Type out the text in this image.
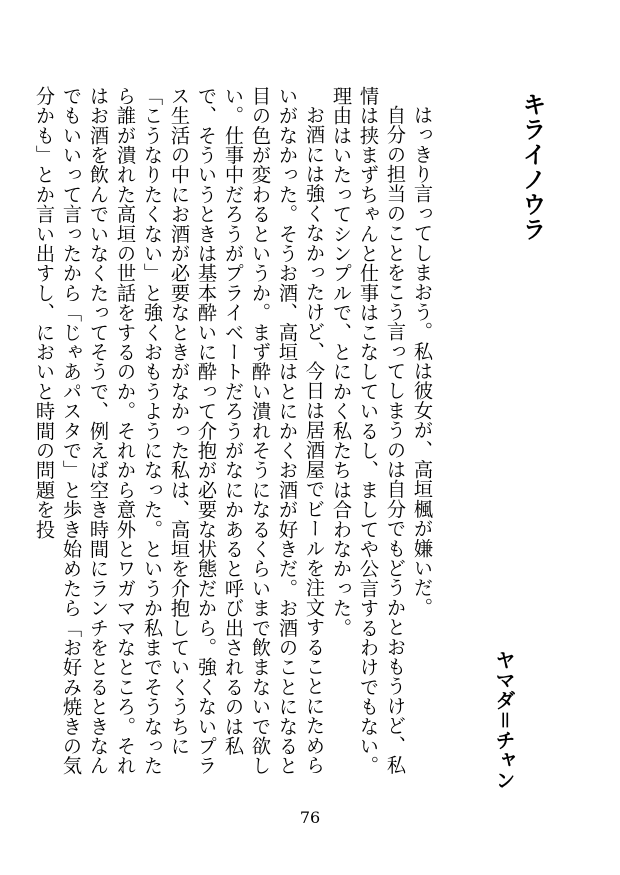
キライノウラ
ヤマダ＝チャン

はっきり言ってしまおう。私は彼女が、高垣楓が嫌いだ。

自分の担当のことをこう言ってしまうのは自分でもどうかとおもうけど、私情は挟まずちゃんと仕事はこなしているし、ましてや公言するわけでもない。理由はいたってシンプルで、とにかく私たちは合わなかった。

お酒には強くなかったけど、今日は居酒屋でビールを注文することにためらいがなかった。そうお酒、高垣はとにかくお酒が好きだ。お酒のことになると目の色が変わるというか。まず酔い潰れそうになるくらいまで飲まないで欲しい。仕事中だろうがプライベートだろうがなにかあると呼び出されるのは私で、そういうときは基本酔いに酔って介抱が必要な状態だから。強くないプラス生活の中にお酒が必要なときがなかった私は、高垣を介抱していくうちに「こうなりたくない」と強くおもうようになった。というか私までそうなったら誰が潰れた高垣の世話をするのか。それから意外とワガママなところ。それはお酒を飲んでいなくたってそうで、例えば空き時間にランチをとるときなんでもいいって言ったから「じゃあパスタで」と歩き始めたら「お好み焼きの気分かも」とか言い出すし、においと時間の問題を投

76
